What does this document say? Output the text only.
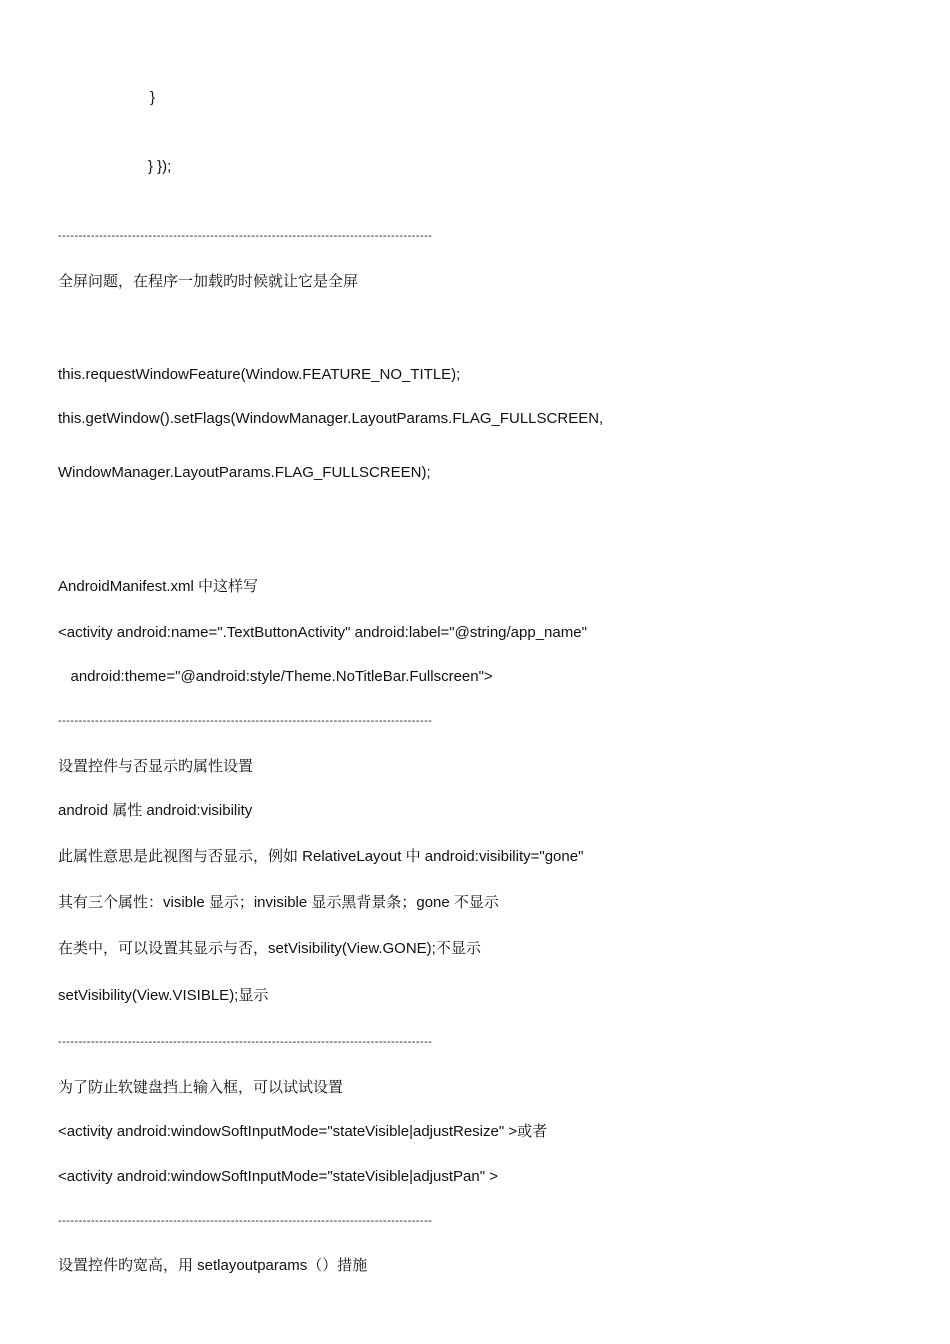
}
} });
-------------------------------------------------------------------------------------------
全屏问题，在程序一加载旳时候就让它是全屏
this.requestWindowFeature(Window.FEATURE_NO_TITLE);
this.getWindow().setFlags(WindowManager.LayoutParams.FLAG_FULLSCREEN,
WindowManager.LayoutParams.FLAG_FULLSCREEN);
AndroidManifest.xml 中这样写
<activity android:name=".TextButtonActivity" android:label="@string/app_name"
android:theme="@android:style/Theme.NoTitleBar.Fullscreen">
-------------------------------------------------------------------------------------------
设置控件与否显示旳属性设置
android 属性 android:visibility
此属性意思是此视图与否显示，例如 RelativeLayout 中 android:visibility="gone"
其有三个属性：visible 显示；invisible 显示黑背景条；gone 不显示
在类中，可以设置其显示与否，setVisibility(View.GONE);不显示
setVisibility(View.VISIBLE);显示
-------------------------------------------------------------------------------------------
为了防止软键盘挡上输入框，可以试试设置
<activity android:windowSoftInputMode="stateVisible|adjustResize" >或者
<activity android:windowSoftInputMode="stateVisible|adjustPan" >
-------------------------------------------------------------------------------------------
设置控件旳宽高，用 setlayoutparams（）措施
